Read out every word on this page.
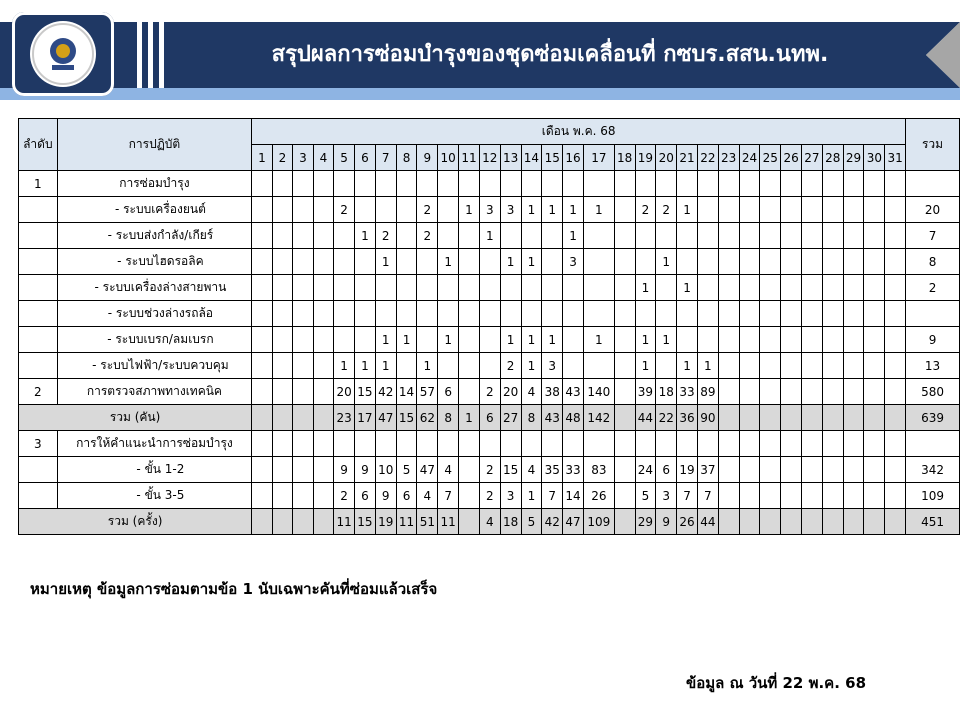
สรุปผลการซ่อมบำรุงของชุดซ่อมเคลื่อนที่ กซบร.สสน.นทพ.
ลำดับ	การปฏิบัติ	เดือน พ.ค. 68																															รวม
		1	2	3	4	5	6	7	8	9	10	11	12	13	14	15	16	17	18	19	20	21	22	23	24	25	26	27	28	29	30	31	
1	การซ่อมบำรุง																																
	- ระบบเครื่องยนต์					2				2		1	3	3	1	1	1	1		2	2	1											20
	- ระบบส่งกำลัง/เกียร์						1	2		2			1				1																7
	- ระบบไฮดรอลิค							1			1			1	1		3				1												8
	- ระบบเครื่องล่างสายพาน																			1		1											2
	- ระบบช่วงล่างรถล้อ																																
	- ระบบเบรก/ลมเบรก							1	1		1			1	1	1		1		1	1												9
	- ระบบไฟฟ้า/ระบบควบคุม					1	1	1		1				2	1	3				1		1	1										13
2	การตรวจสภาพทางเทคนิค					20	15	42	14	57	6		2	20	4	38	43	140		39	18	33	89										580
รวม (คัน)						23	17	47	15	62	8	1	6	27	8	43	48	142		44	22	36	90										639
3	การให้คำแนะนำการซ่อมบำรุง																																
	- ขั้น 1-2					9	9	10	5	47	4		2	15	4	35	33	83		24	6	19	37										342
	- ขั้น 3-5					2	6	9	6	4	7		2	3	1	7	14	26		5	3	7	7										109
รวม (ครั้ง)						11	15	19	11	51	11		4	18	5	42	47	109		29	9	26	44										451
หมายเหตุ ข้อมูลการซ่อมตามข้อ 1 นับเฉพาะคันที่ซ่อมแล้วเสร็จ
ข้อมูล ณ วันที่ 22 พ.ค. 68
